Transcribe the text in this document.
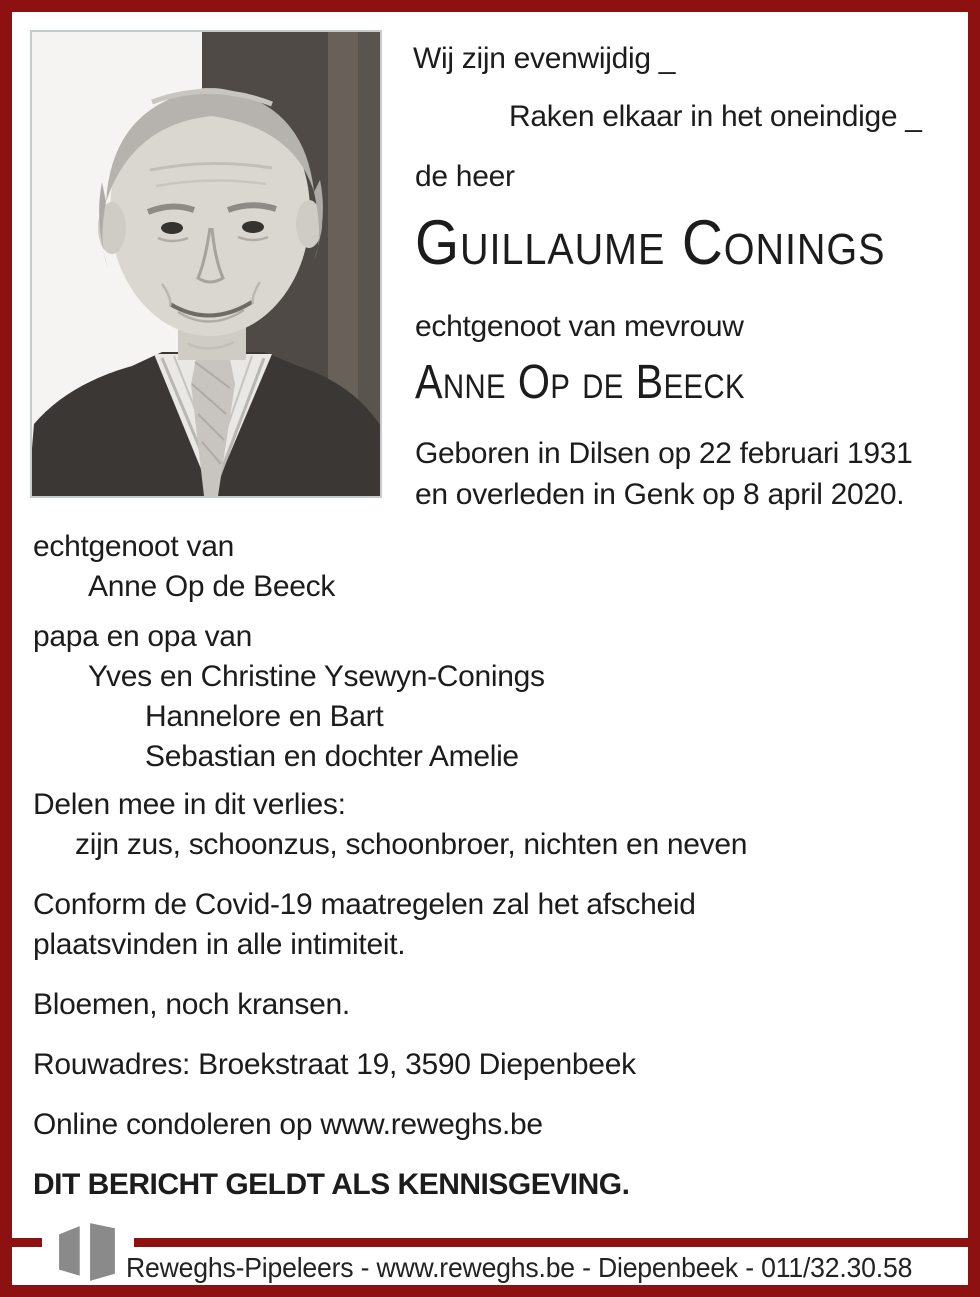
Wij zijn evenwijdig _
Raken elkaar in het oneindige _
de heer
Guillaume Conings
echtgenoot van mevrouw
Anne Op de Beeck
Geboren in Dilsen op 22 februari 1931
en overleden in Genk op 8 april 2020.
echtgenoot van
Anne Op de Beeck
papa en opa van
Yves en Christine Ysewyn-Conings
Hannelore en Bart
Sebastian en dochter Amelie
Delen mee in dit verlies:
zijn zus, schoonzus, schoonbroer, nichten en neven
Conform de Covid-19 maatregelen zal het afscheid
plaatsvinden in alle intimiteit.
Bloemen, noch kransen.
Rouwadres: Broekstraat 19, 3590 Diepenbeek
Online condoleren op www.reweghs.be
DIT BERICHT GELDT ALS KENNISGEVING.
Reweghs-Pipeleers - www.reweghs.be - Diepenbeek - 011/32.30.58
